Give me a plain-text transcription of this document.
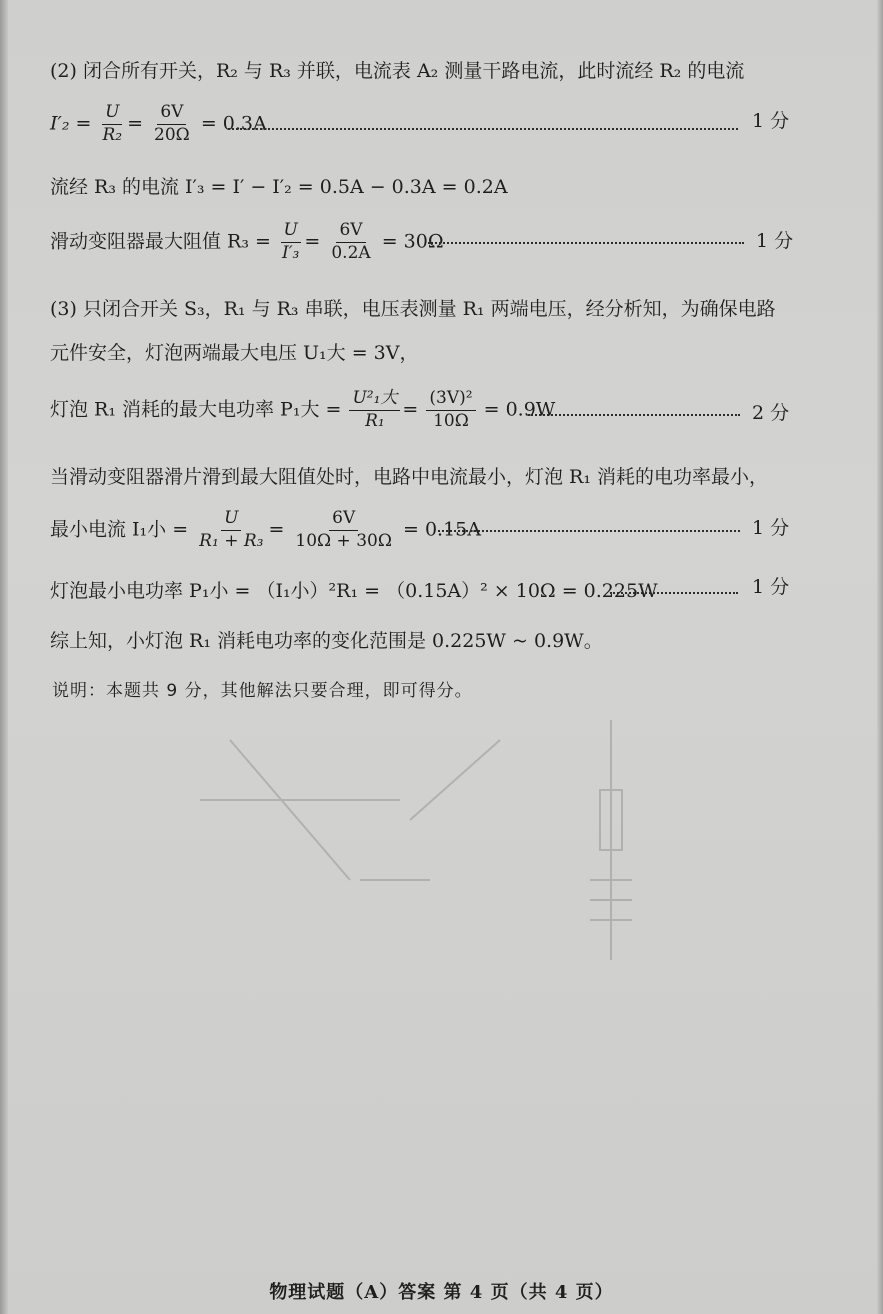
(2) 闭合所有开关，R₂ 与 R₃ 并联，电流表 A₂ 测量干路电流，此时流经 R₂ 的电流
$I'_2 = \frac{U}{\text{R₂}} = \frac{6V}{20\Omega} = 0.3A$	1 分
流经 R₃ 的电流 I′₃ = I′ − I′₂ = 0.5A − 0.3A = 0.2A
滑动变阻器最大阻值 $R_3 = \frac{U}{\text{I′₃}} = \frac{6V}{0.2A} = 30\Omega$	1 分
(3) 只闭合开关 S₃，R₁ 与 R₃ 串联，电压表测量 R₁ 两端电压，经分析知，为确保电路
元件安全，灯泡两端最大电压 U₁大 = 3V，
灯泡 R₁ 消耗的最大电功率 P₁大 = $\frac{\text{U²₁大}}{\text{R₁}} = \frac{\text{(3V)²}}{10\Omega} = 0.9W$	2 分
当滑动变阻器滑片滑到最大阻值处时，电路中电流最小，灯泡 R₁ 消耗的电功率最小，
最小电流 I₁小 = $\frac{U}{\text{R₁ + R₃}} = \frac{6V}{10\Omega + 30\Omega} = 0.15A$	1 分
灯泡最小电功率 P₁小 = （I₁小）²R₁ = （0.15A）² × 10Ω = 0.225W	1 分
综上知，小灯泡 R₁ 消耗电功率的变化范围是 0.225W ~ 0.9W。
说明：本题共 9 分，其他解法只要合理，即可得分。
物理试题（A）答案 第 4 页（共 4 页）
